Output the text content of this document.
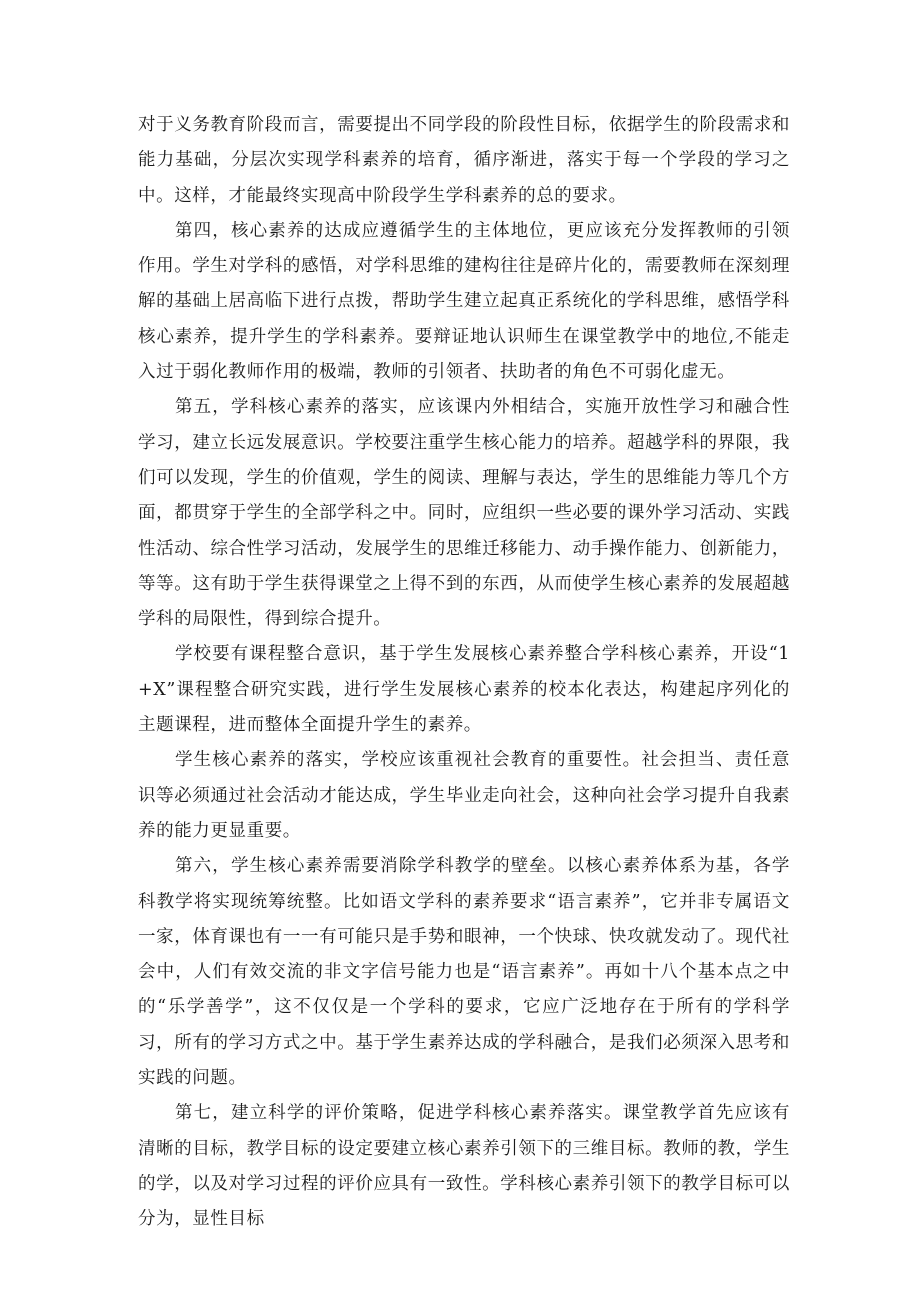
对于义务教育阶段而言，需要提出不同学段的阶段性目标，依据学生的阶段需求和能力基础，分层次实现学科素养的培育，循序渐进，落实于每一个学段的学习之中。这样，才能最终实现高中阶段学生学科素养的总的要求。

第四，核心素养的达成应遵循学生的主体地位，更应该充分发挥教师的引领作用。学生对学科的感悟，对学科思维的建构往往是碎片化的，需要教师在深刻理解的基础上居高临下进行点拨，帮助学生建立起真正系统化的学科思维，感悟学科核心素养，提升学生的学科素养。要辩证地认识师生在课堂教学中的地位,不能走入过于弱化教师作用的极端，教师的引领者、扶助者的角色不可弱化虚无。

第五，学科核心素养的落实，应该课内外相结合，实施开放性学习和融合性学习，建立长远发展意识。学校要注重学生核心能力的培养。超越学科的界限，我们可以发现，学生的价值观，学生的阅读、理解与表达，学生的思维能力等几个方面，都贯穿于学生的全部学科之中。同时，应组织一些必要的课外学习活动、实践性活动、综合性学习活动，发展学生的思维迁移能力、动手操作能力、创新能力，等等。这有助于学生获得课堂之上得不到的东西，从而使学生核心素养的发展超越学科的局限性，得到综合提升。

学校要有课程整合意识，基于学生发展核心素养整合学科核心素养，开设“1+X”课程整合研究实践，进行学生发展核心素养的校本化表达，构建起序列化的主题课程，进而整体全面提升学生的素养。

学生核心素养的落实，学校应该重视社会教育的重要性。社会担当、责任意识等必须通过社会活动才能达成，学生毕业走向社会，这种向社会学习提升自我素养的能力更显重要。

第六，学生核心素养需要消除学科教学的壁垒。以核心素养体系为基，各学科教学将实现统筹统整。比如语文学科的素养要求“语言素养”，它并非专属语文一家，体育课也有一一有可能只是手势和眼神，一个快球、快攻就发动了。现代社会中，人们有效交流的非文字信号能力也是“语言素养”。再如十八个基本点之中的“乐学善学”，这不仅仅是一个学科的要求，它应广泛地存在于所有的学科学习，所有的学习方式之中。基于学生素养达成的学科融合，是我们必须深入思考和实践的问题。

第七，建立科学的评价策略，促进学科核心素养落实。课堂教学首先应该有清晰的目标，教学目标的设定要建立核心素养引领下的三维目标。教师的教，学生的学，以及对学习过程的评价应具有一致性。学科核心素养引领下的教学目标可以分为，显性目标
